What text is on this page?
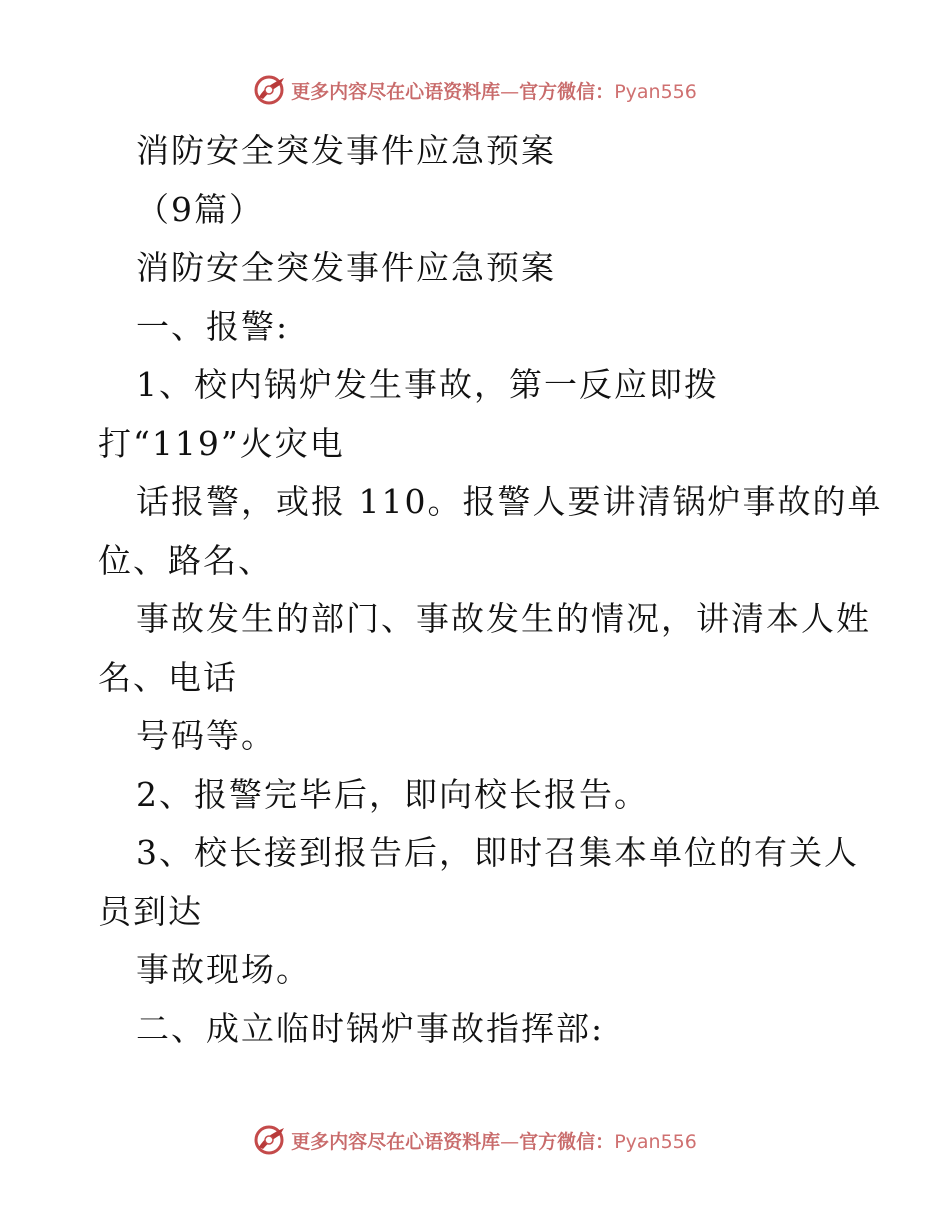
更多内容尽在心语资料库—官方微信：Pyan556
消防安全突发事件应急预案
（9篇）
消防安全突发事件应急预案
一、报警:
1、校内锅炉发生事故，第一反应即拨
打“119”火灾电
话报警，或报 110。报警人要讲清锅炉事故的单
位、路名、
事故发生的部门、事故发生的情况，讲清本人姓
名、电话
号码等。
2、报警完毕后，即向校长报告。
3、校长接到报告后，即时召集本单位的有关人
员到达
事故现场。
二、成立临时锅炉事故指挥部:
更多内容尽在心语资料库—官方微信：Pyan556
